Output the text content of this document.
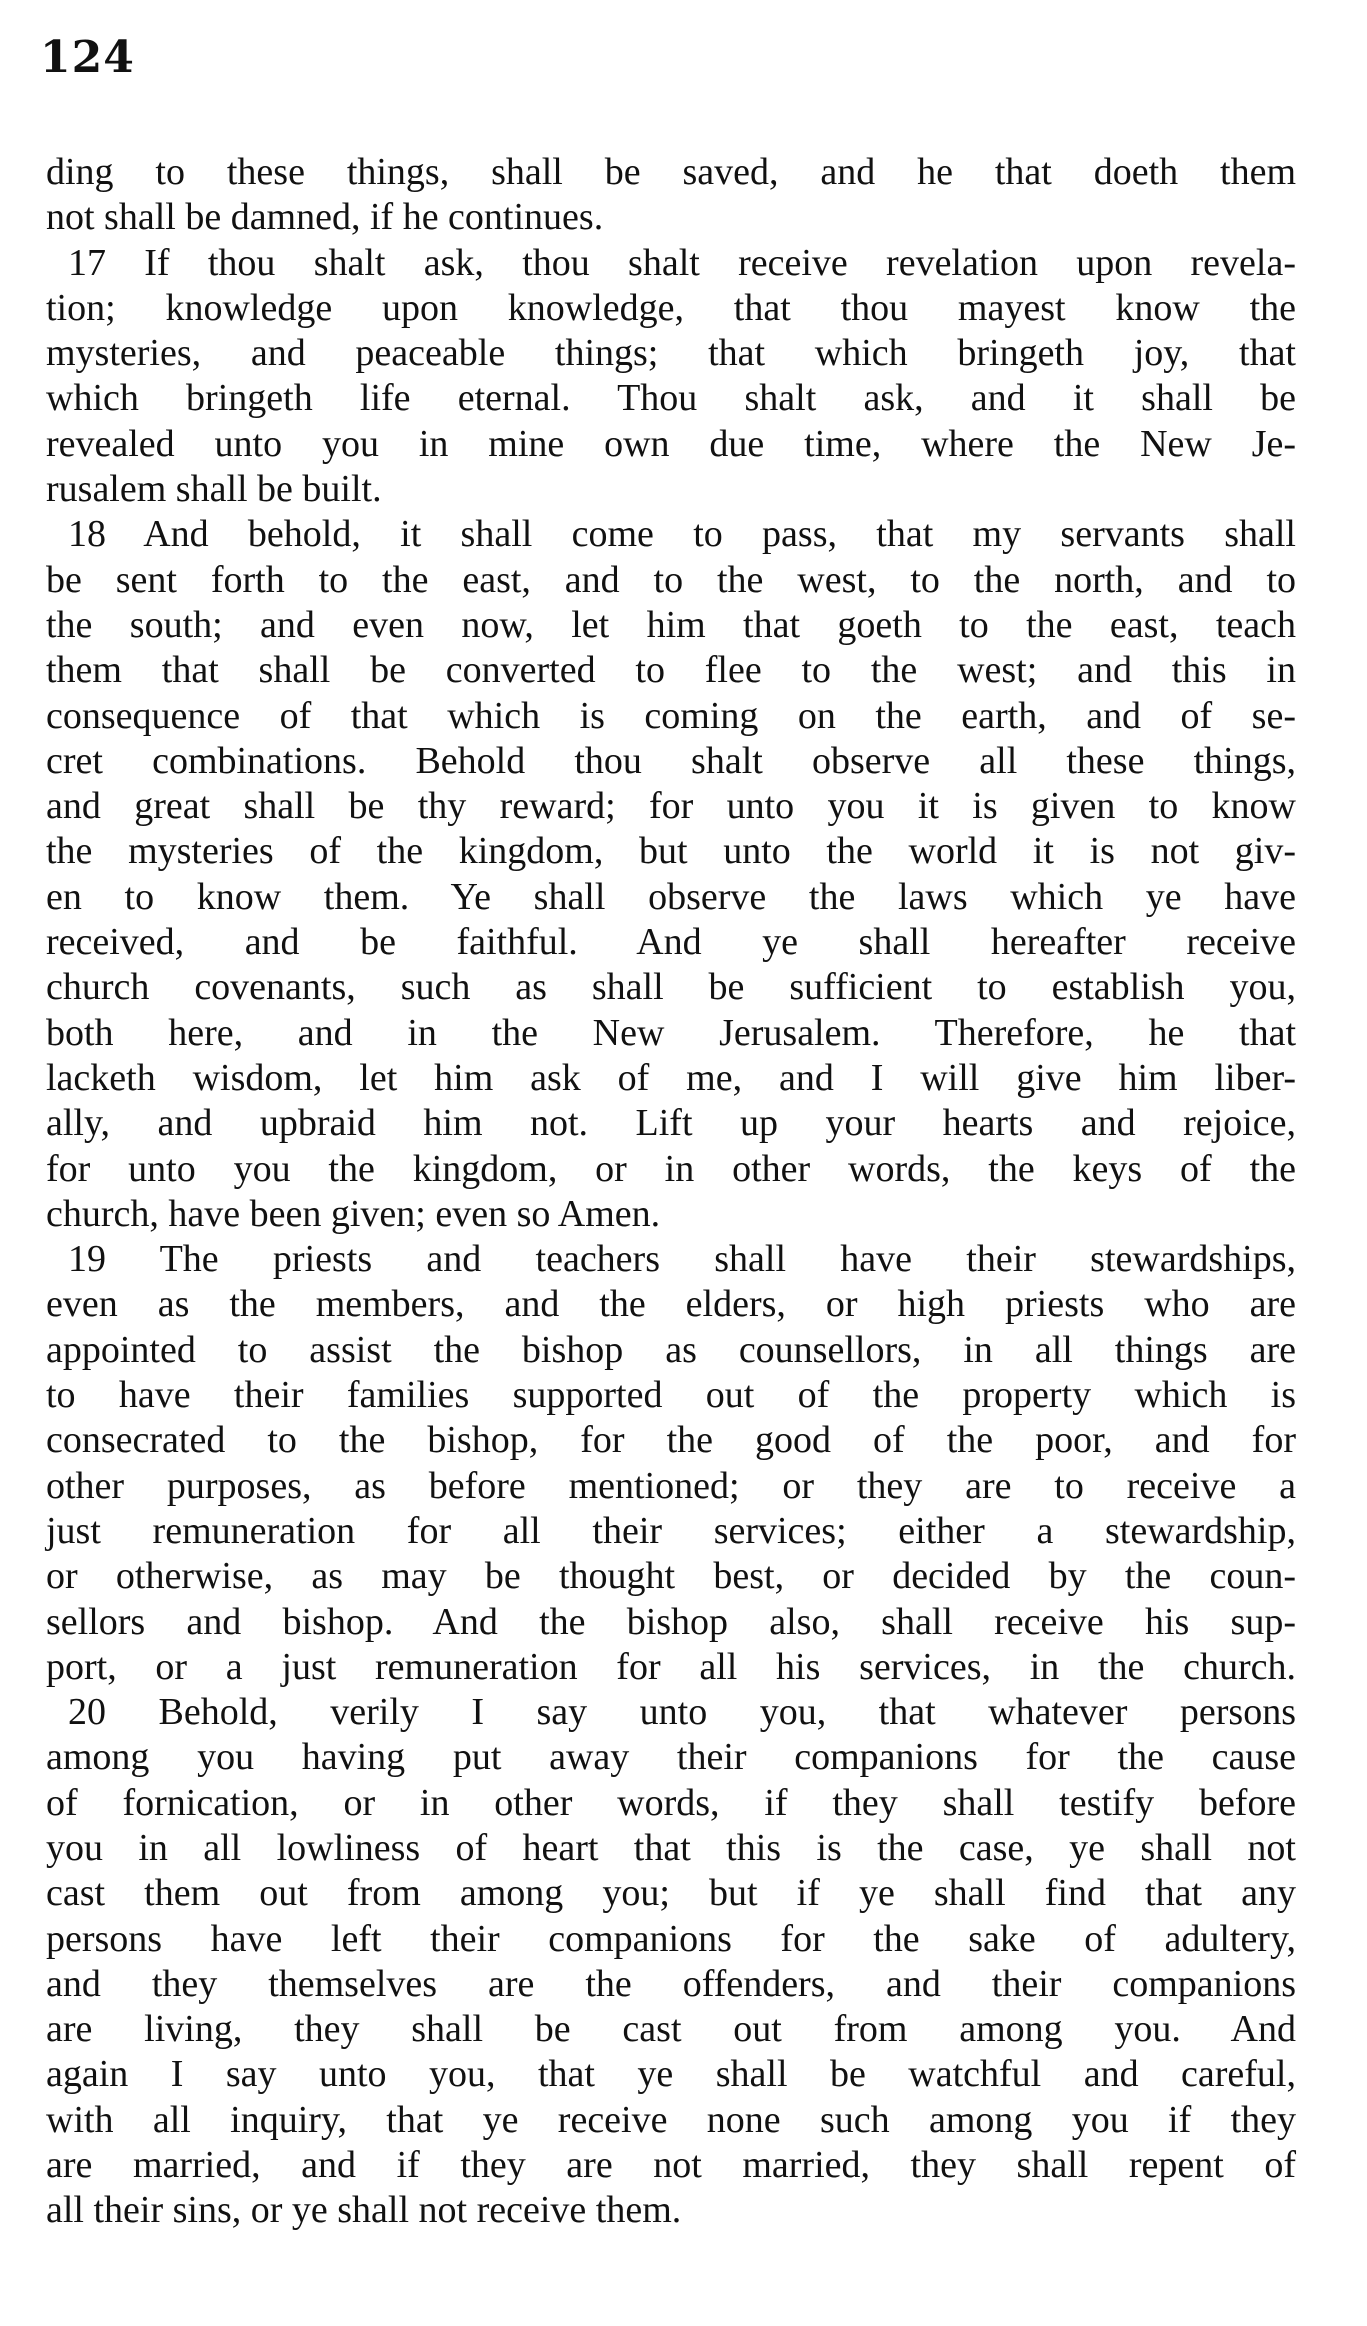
124
ding to these things, shall be saved, and he that doeth them
not shall be damned, if he continues.
17 If thou shalt ask, thou shalt receive revelation upon revela-
tion; knowledge upon knowledge, that thou mayest know the
mysteries, and peaceable things; that which bringeth joy, that
which bringeth life eternal. Thou shalt ask, and it shall be
revealed unto you in mine own due time, where the New Je-
rusalem shall be built.
18 And behold, it shall come to pass, that my servants shall
be sent forth to the east, and to the west, to the north, and to
the south; and even now, let him that goeth to the east, teach
them that shall be converted to flee to the west; and this in
consequence of that which is coming on the earth, and of se-
cret combinations. Behold thou shalt observe all these things,
and great shall be thy reward; for unto you it is given to know
the mysteries of the kingdom, but unto the world it is not giv-
en to know them. Ye shall observe the laws which ye have
received, and be faithful. And ye shall hereafter receive
church covenants, such as shall be sufficient to establish you,
both here, and in the New Jerusalem. Therefore, he that
lacketh wisdom, let him ask of me, and I will give him liber-
ally, and upbraid him not. Lift up your hearts and rejoice,
for unto you the kingdom, or in other words, the keys of the
church, have been given; even so Amen.
19 The priests and teachers shall have their stewardships,
even as the members, and the elders, or high priests who are
appointed to assist the bishop as counsellors, in all things are
to have their families supported out of the property which is
consecrated to the bishop, for the good of the poor, and for
other purposes, as before mentioned; or they are to receive a
just remuneration for all their services; either a stewardship,
or otherwise, as may be thought best, or decided by the coun-
sellors and bishop. And the bishop also, shall receive his sup-
port, or a just remuneration for all his services, in the church.
20 Behold, verily I say unto you, that whatever persons
among you having put away their companions for the cause
of fornication, or in other words, if they shall testify before
you in all lowliness of heart that this is the case, ye shall not
cast them out from among you; but if ye shall find that any
persons have left their companions for the sake of adultery,
and they themselves are the offenders, and their companions
are living, they shall be cast out from among you. And
again I say unto you, that ye shall be watchful and careful,
with all inquiry, that ye receive none such among you if they
are married, and if they are not married, they shall repent of
all their sins, or ye shall not receive them.
